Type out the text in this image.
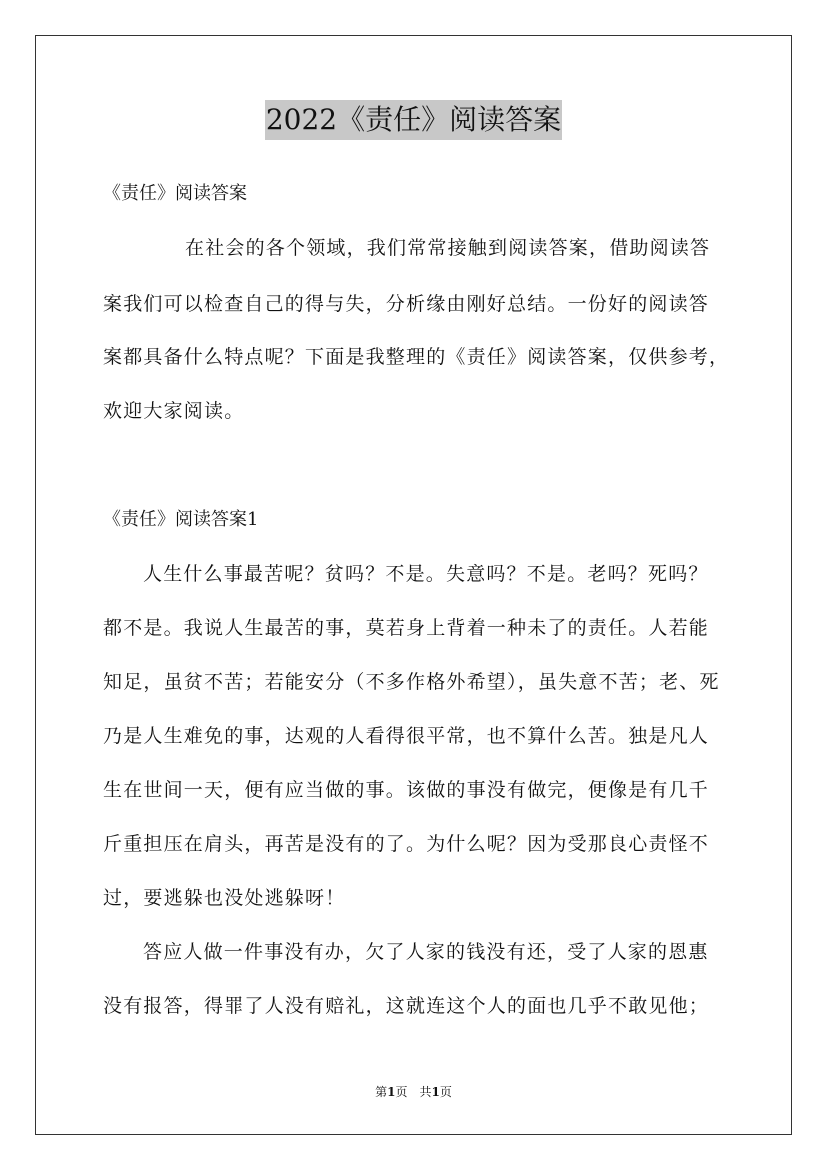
2022《责任》阅读答案
《责任》阅读答案
在社会的各个领域，我们常常接触到阅读答案，借助阅读答
案我们可以检查自己的得与失，分析缘由刚好总结。一份好的阅读答
案都具备什么特点呢？下面是我整理的《责任》阅读答案，仅供参考，
欢迎大家阅读。
《责任》阅读答案1
人生什么事最苦呢？贫吗？不是。失意吗？不是。老吗？死吗？
都不是。我说人生最苦的事，莫若身上背着一种未了的责任。人若能
知足，虽贫不苦；若能安分（不多作格外希望），虽失意不苦；老、死
乃是人生难免的事，达观的人看得很平常，也不算什么苦。独是凡人
生在世间一天，便有应当做的事。该做的事没有做完，便像是有几千
斤重担压在肩头，再苦是没有的了。为什么呢？因为受那良心责怪不
过，要逃躲也没处逃躲呀！
答应人做一件事没有办，欠了人家的钱没有还，受了人家的恩惠
没有报答，得罪了人没有赔礼，这就连这个人的面也几乎不敢见他；
第1页　共1页
